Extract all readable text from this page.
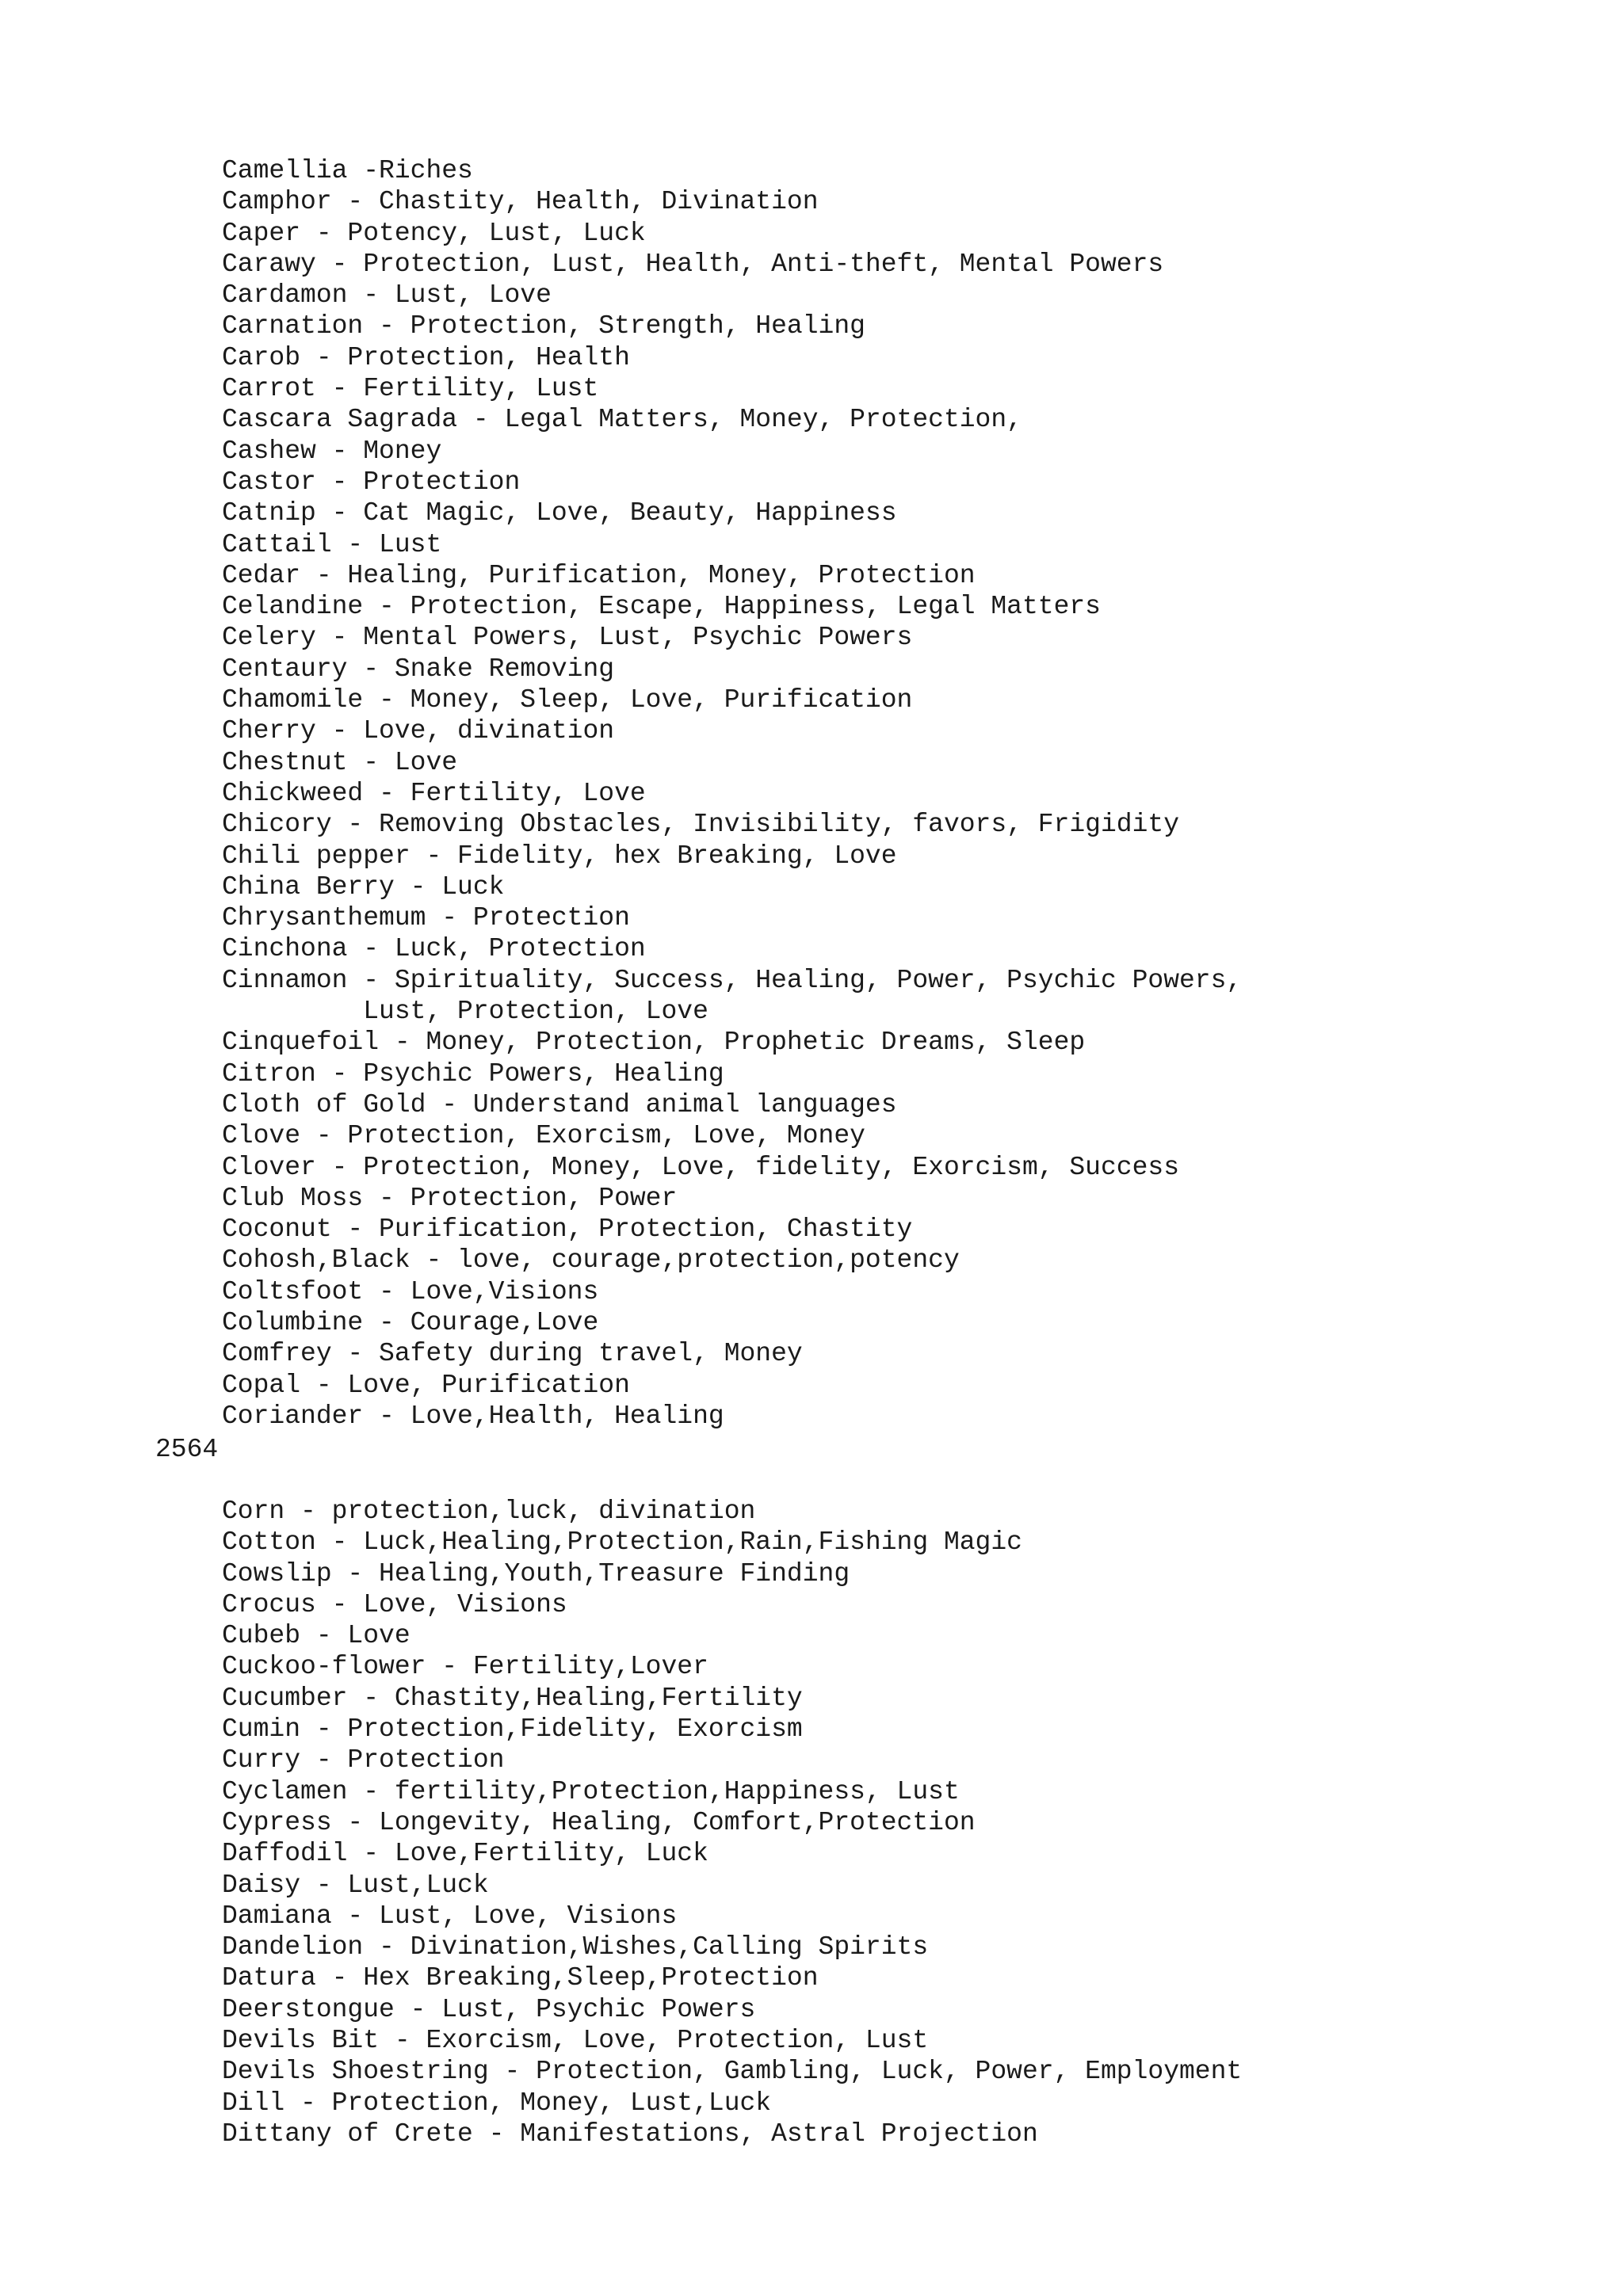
Camellia -Riches
Camphor - Chastity, Health, Divination
Caper - Potency, Lust, Luck
Carawy - Protection, Lust, Health, Anti-theft, Mental Powers
Cardamon - Lust, Love
Carnation - Protection, Strength, Healing
Carob - Protection, Health
Carrot - Fertility, Lust
Cascara Sagrada - Legal Matters, Money, Protection,
Cashew - Money
Castor - Protection
Catnip - Cat Magic, Love, Beauty, Happiness
Cattail - Lust
Cedar - Healing, Purification, Money, Protection
Celandine - Protection, Escape, Happiness, Legal Matters
Celery - Mental Powers, Lust, Psychic Powers
Centaury - Snake Removing
Chamomile - Money, Sleep, Love, Purification
Cherry - Love, divination
Chestnut - Love
Chickweed - Fertility, Love
Chicory - Removing Obstacles, Invisibility, favors, Frigidity
Chili pepper - Fidelity, hex Breaking, Love
China Berry - Luck
Chrysanthemum - Protection
Cinchona - Luck, Protection
Cinnamon - Spirituality, Success, Healing, Power, Psychic Powers,
Lust, Protection, Love
Cinquefoil - Money, Protection, Prophetic Dreams, Sleep
Citron - Psychic Powers, Healing
Cloth of Gold - Understand animal languages
Clove - Protection, Exorcism, Love, Money
Clover - Protection, Money, Love, fidelity, Exorcism, Success
Club Moss - Protection, Power
Coconut - Purification, Protection, Chastity
Cohosh,Black - love, courage,protection,potency
Coltsfoot - Love,Visions
Columbine - Courage,Love
Comfrey - Safety during travel, Money
Copal - Love, Purification
Coriander - Love,Health, Healing
2564
Corn - protection,luck, divination
Cotton - Luck,Healing,Protection,Rain,Fishing Magic
Cowslip - Healing,Youth,Treasure Finding
Crocus - Love, Visions
Cubeb - Love
Cuckoo-flower - Fertility,Lover
Cucumber - Chastity,Healing,Fertility
Cumin - Protection,Fidelity, Exorcism
Curry - Protection
Cyclamen - fertility,Protection,Happiness, Lust
Cypress - Longevity, Healing, Comfort,Protection
Daffodil - Love,Fertility, Luck
Daisy - Lust,Luck
Damiana - Lust, Love, Visions
Dandelion - Divination,Wishes,Calling Spirits
Datura - Hex Breaking,Sleep,Protection
Deerstongue - Lust, Psychic Powers
Devils Bit - Exorcism, Love, Protection, Lust
Devils Shoestring - Protection, Gambling, Luck, Power, Employment
Dill - Protection, Money, Lust,Luck
Dittany of Crete - Manifestations, Astral Projection
